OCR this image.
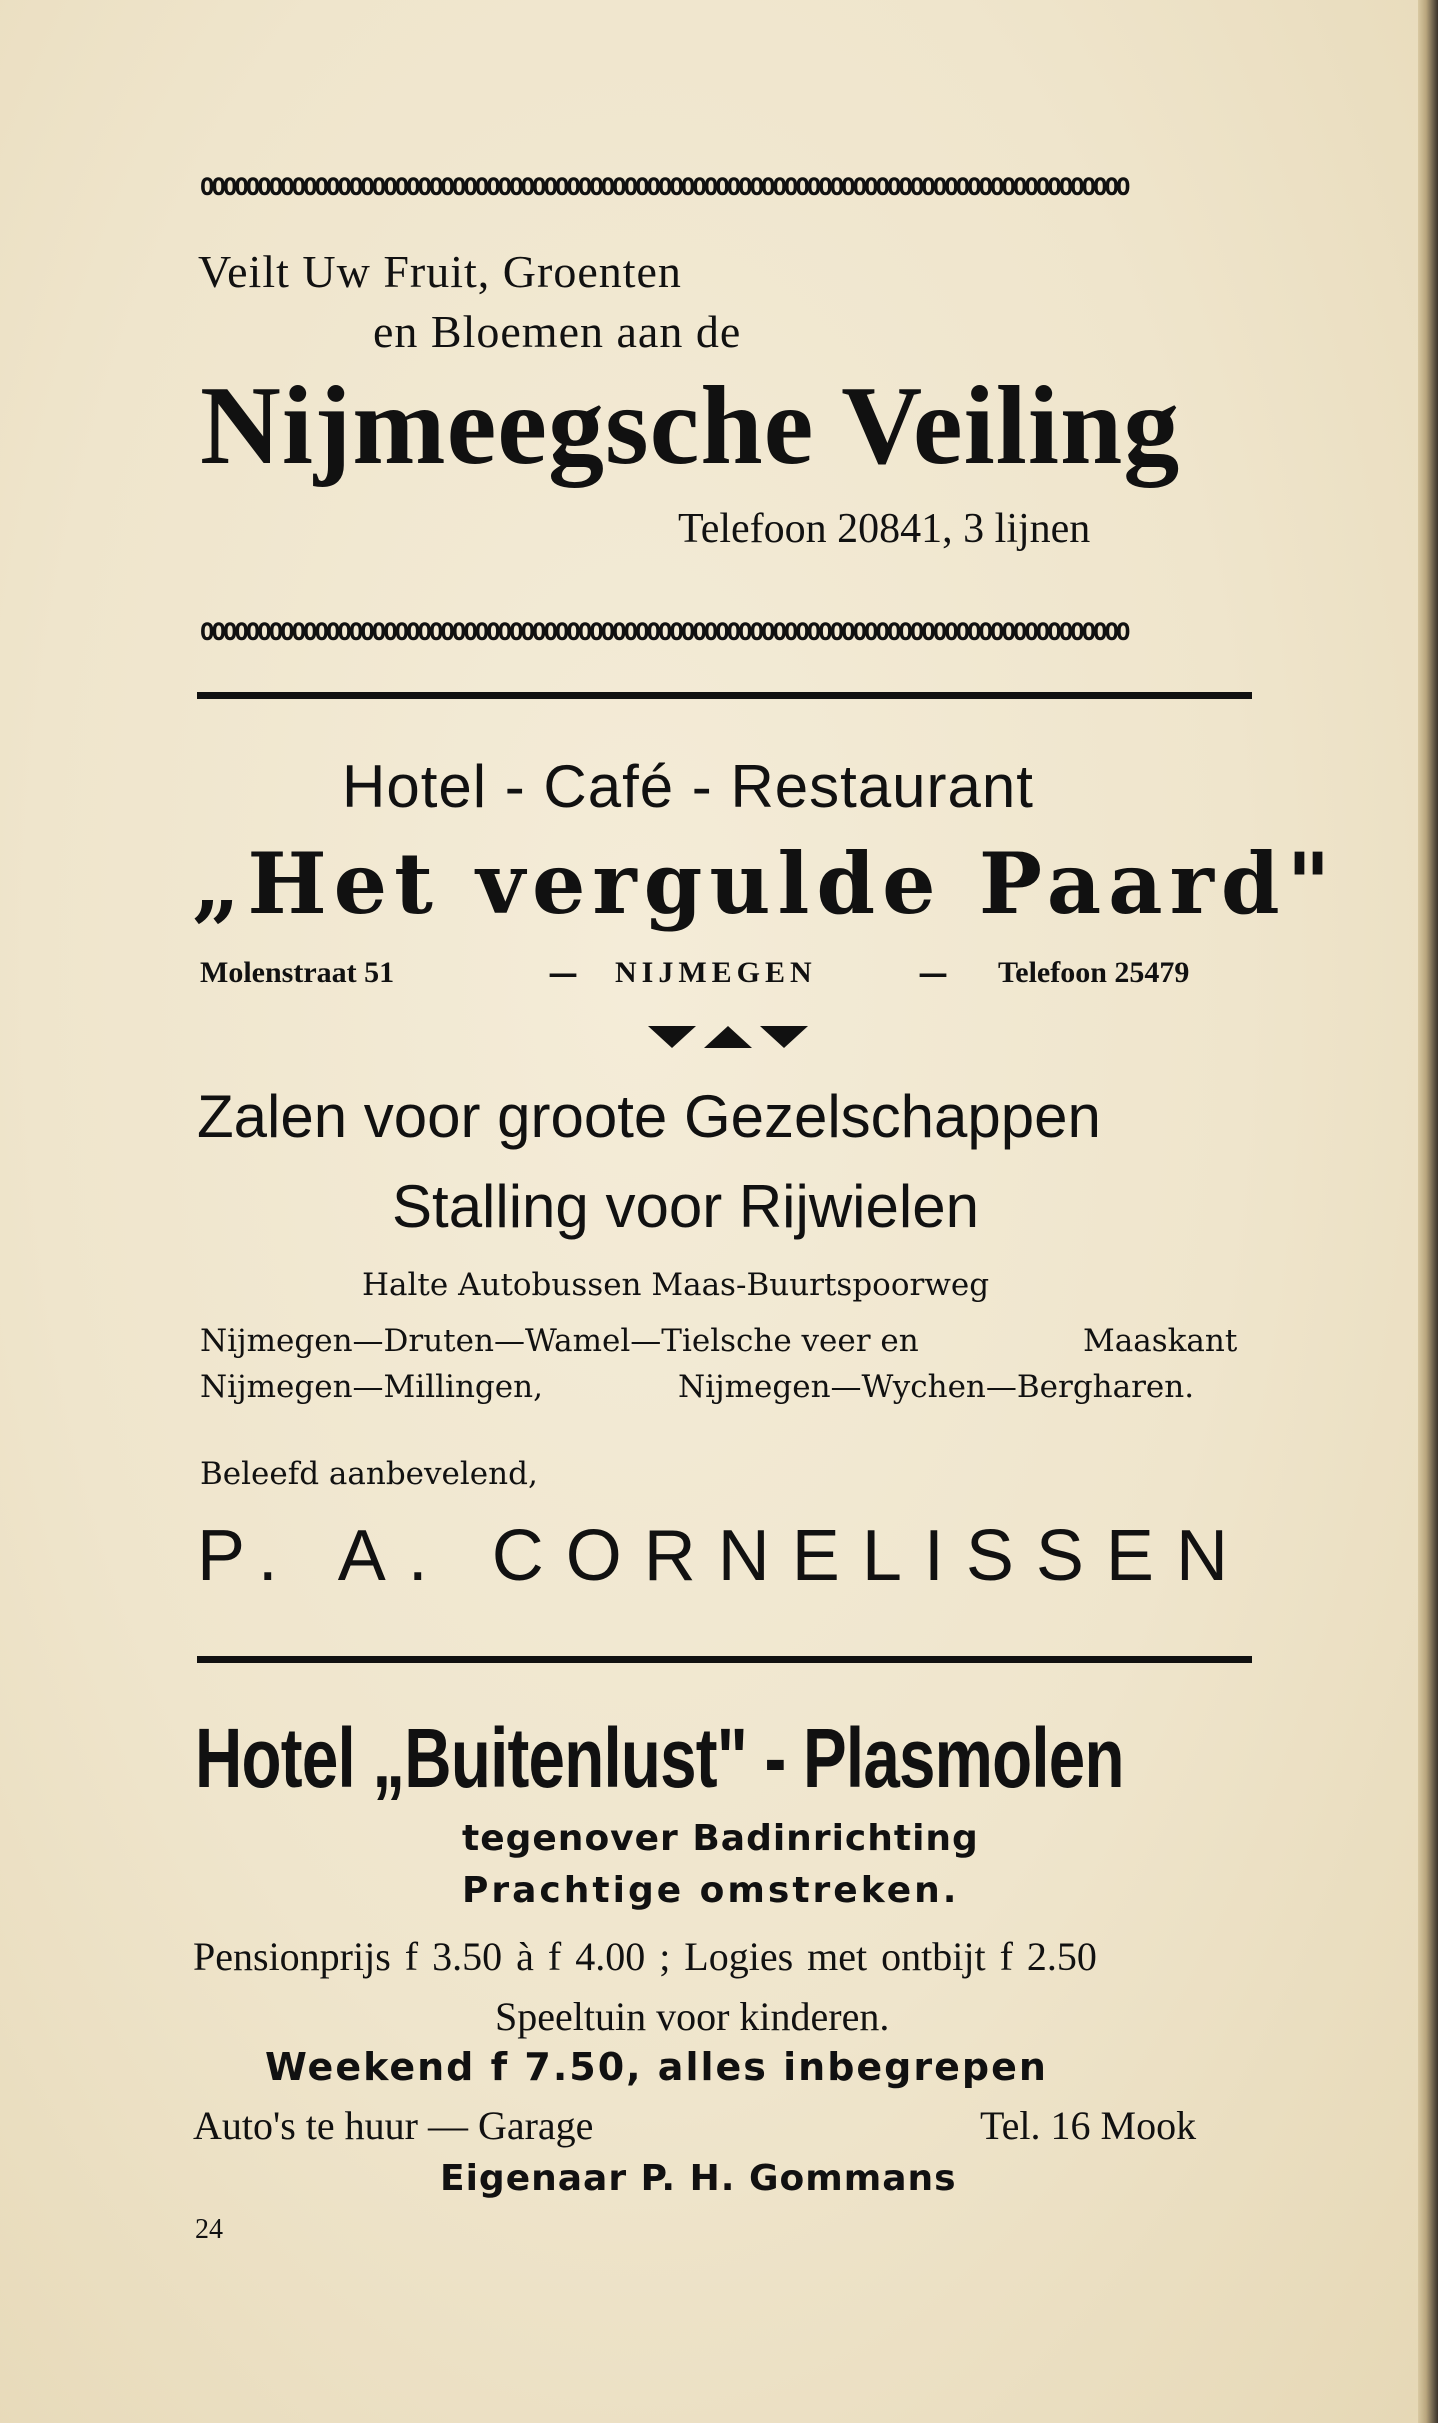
OOOOOOOOOOOOOOOOOOOOOOOOOOOOOOOOOOOOOOOOOOOOOOOOOOOOOOOOOOOOOOOOOOOOOOOOOOOOOOOOO
Veilt Uw Fruit, Groenten
en Bloemen aan de
Nijmeegsche Veiling
Telefoon 20841, 3 lijnen
OOOOOOOOOOOOOOOOOOOOOOOOOOOOOOOOOOOOOOOOOOOOOOOOOOOOOOOOOOOOOOOOOOOOOOOOOOOOOOOOO
Hotel - Café - Restaurant
„Het vergulde Paard"
Molenstraat 51	— NIJMEGEN	— Telefoon 25479
Zalen voor groote Gezelschappen
Stalling voor Rijwielen
Halte Autobussen Maas-Buurtspoorweg
Nijmegen—Druten—Wamel—Tielsche veer en	Maaskant
Nijmegen—Millingen,	Nijmegen—Wychen—Bergharen.
Beleefd aanbevelend,
P. A. CORNELISSEN
Hotel „Buitenlust" - Plasmolen
tegenover Badinrichting
Prachtige omstreken.
Pensionprijs f 3.50 à f 4.00 ; Logies met ontbijt f 2.50
Speeltuin voor kinderen.
Weekend f 7.50, alles inbegrepen
Auto's te huur — Garage	Tel. 16 Mook
Eigenaar P. H. Gommans
24
